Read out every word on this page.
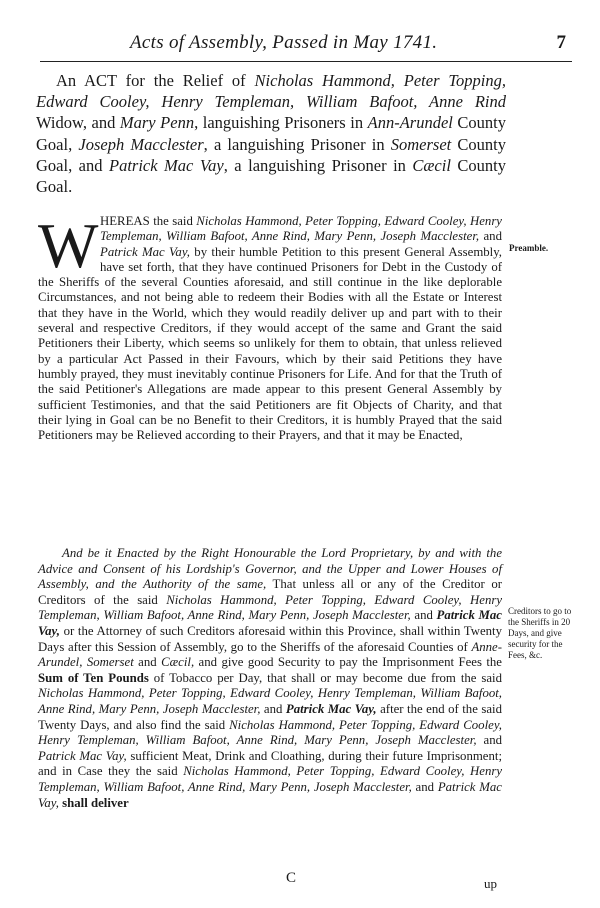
Acts of Assembly, Passed in May 1741.	7
An ACT for the Relief of Nicholas Hammond, Peter Topping, Edward Cooley, Henry Templeman, William Bafoot, Anne Rind Widow, and Mary Penn, languishing Prisoners in Ann-Arundel County Goal, Joseph Macclester, a languishing Prisoner in Somerset County Goal, and Patrick Mac Vay, a languishing Prisoner in Cæcil County Goal.
Preamble.
W HEREAS the said Nicholas Hammond, Peter Topping, Edward Cooley, Henry Templeman, William Bafoot, Anne Rind, Mary Penn, Joseph Macclester, and Patrick Mac Vay, by their humble Petition to this present General Assembly, have set forth, that they have continued Prisoners for Debt in the Custody of the Sheriffs of the several Counties aforesaid, and still continue in the like deplorable Circumstances, and not being able to redeem their Bodies with all the Estate or Interest that they have in the World, which they would readily deliver up and part with to their several and respective Creditors, if they would accept of the same and Grant the said Petitioners their Liberty, which seems so unlikely for them to obtain, that unless relieved by a particular Act Passed in their Favours, which by their said Petitions they have humbly prayed, they must inevitably continue Prisoners for Life. And for that the Truth of the said Petitioner's Allegations are made appear to this present General Assembly by sufficient Testimonies, and that the said Petitioners are fit Objects of Charity, and that their lying in Goal can be no Benefit to their Creditors, it is humbly Prayed that the said Petitioners may be Relieved according to their Prayers, and that it may be Enacted,
And be it Enacted by the Right Honourable the Lord Proprietary, by and with the Advice and Consent of his Lordship's Governor, and the Upper and Lower Houses of Assembly, and the Authority of the same, That unless all or any of the Creditor or Creditors of the said Nicholas Hammond, Peter Topping, Edward Cooley, Henry Templeman, William Bafoot, Anne Rind, Mary Penn, Joseph Macclester, and Patrick Mac Vay, or the Attorney of such Creditors aforesaid within this Province, shall within Twenty Days after this Session of Assembly, go to the Sheriffs of the aforesaid Counties of Anne-Arundel, Somerset and Cæcil, and give good Security to pay the Imprisonment Fees the Sum of Ten Pounds of Tobacco per Day, that shall or may become due from the said Nicholas Hammond, Peter Topping, Edward Cooley, Henry Templeman, William Bafoot, Anne Rind, Mary Penn, Joseph Macclester, and Patrick Mac Vay, after the end of the said Twenty Days, and also find the said Nicholas Hammond, Peter Topping, Edward Cooley, Henry Templeman, William Bafoot, Anne Rind, Mary Penn, Joseph Macclester, and Patrick Mac Vay, sufficient Meat, Drink and Cloathing, during their future Imprisonment; and in Case they the said Nicholas Hammond, Peter Topping, Edward Cooley, Henry Templeman, William Bafoot, Anne Rind, Mary Penn, Joseph Macclester, and Patrick Mac Vay, shall deliver
Creditors to go to the Sheriffs in 20 Days, and give security for the Fees, &c.
C	up
